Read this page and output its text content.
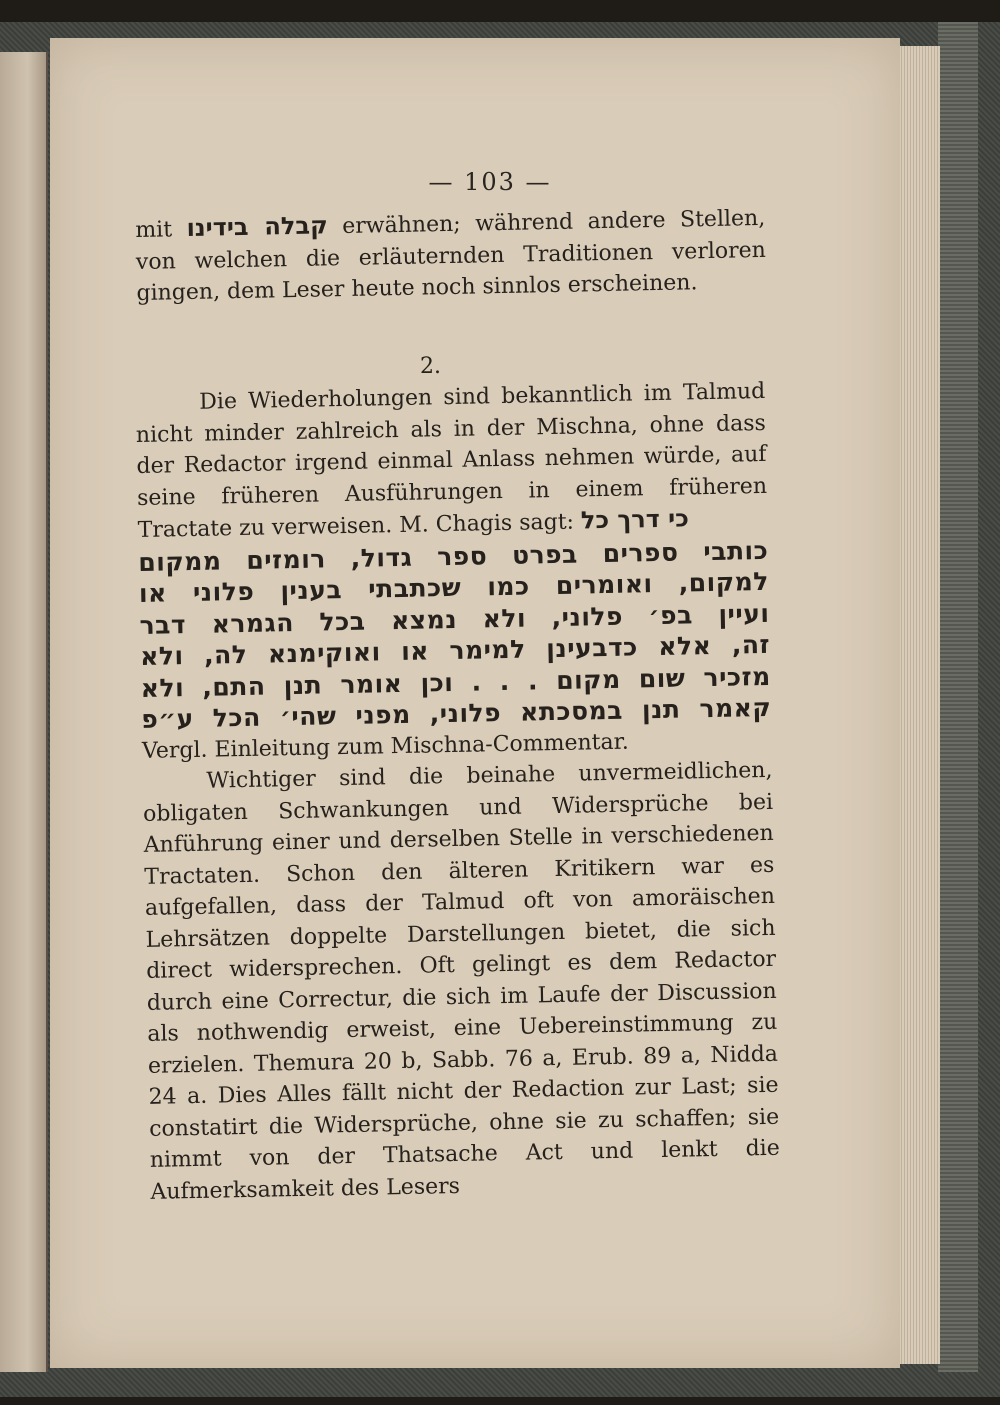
— 103 —

mit קבלה בידינו erwähnen; während andere Stellen, von welchen die erläuternden Traditionen verloren gingen, dem Leser heute noch sinnlos erscheinen.

2.

Die Wiederholungen sind bekanntlich im Talmud nicht minder zahlreich als in der Mischna, ohne dass der Redactor irgend einmal Anlass nehmen würde, auf seine früheren Ausführungen in einem früheren Tractate zu verweisen. M. Chagis sagt: כי דרך כל

כותבי ספרים בפרט ספר גדול, רומזים ממקום
למקום, ואומרים כמו שכתבתי בענין פלוני או
ועיין בפ׳ פלוני, ולא נמצא בכל הגמרא דבר
זה, אלא כדבעינן למימר או ואוקימנא לה, ולא
מזכיר שום מקום . . . וכן אומר תנן התם, ולא
קאמר תנן במסכתא פלוני, מפני שהי׳ הכל ע״פ

Vergl. Einleitung zum Mischna-Commentar.

Wichtiger sind die beinahe unvermeidlichen, obligaten Schwankungen und Widersprüche bei Anführung einer und derselben Stelle in verschiedenen Tractaten. Schon den älteren Kritikern war es aufgefallen, dass der Talmud oft von amoräischen Lehrsätzen doppelte Darstellungen bietet, die sich direct widersprechen. Oft gelingt es dem Redactor durch eine Correctur, die sich im Laufe der Discussion als nothwendig erweist, eine Uebereinstimmung zu erzielen. Themura 20 b, Sabb. 76 a, Erub. 89 a, Nidda 24 a. Dies Alles fällt nicht der Redaction zur Last; sie constatirt die Widersprüche, ohne sie zu schaffen; sie nimmt von der Thatsache Act und lenkt die Aufmerksamkeit des Lesers
